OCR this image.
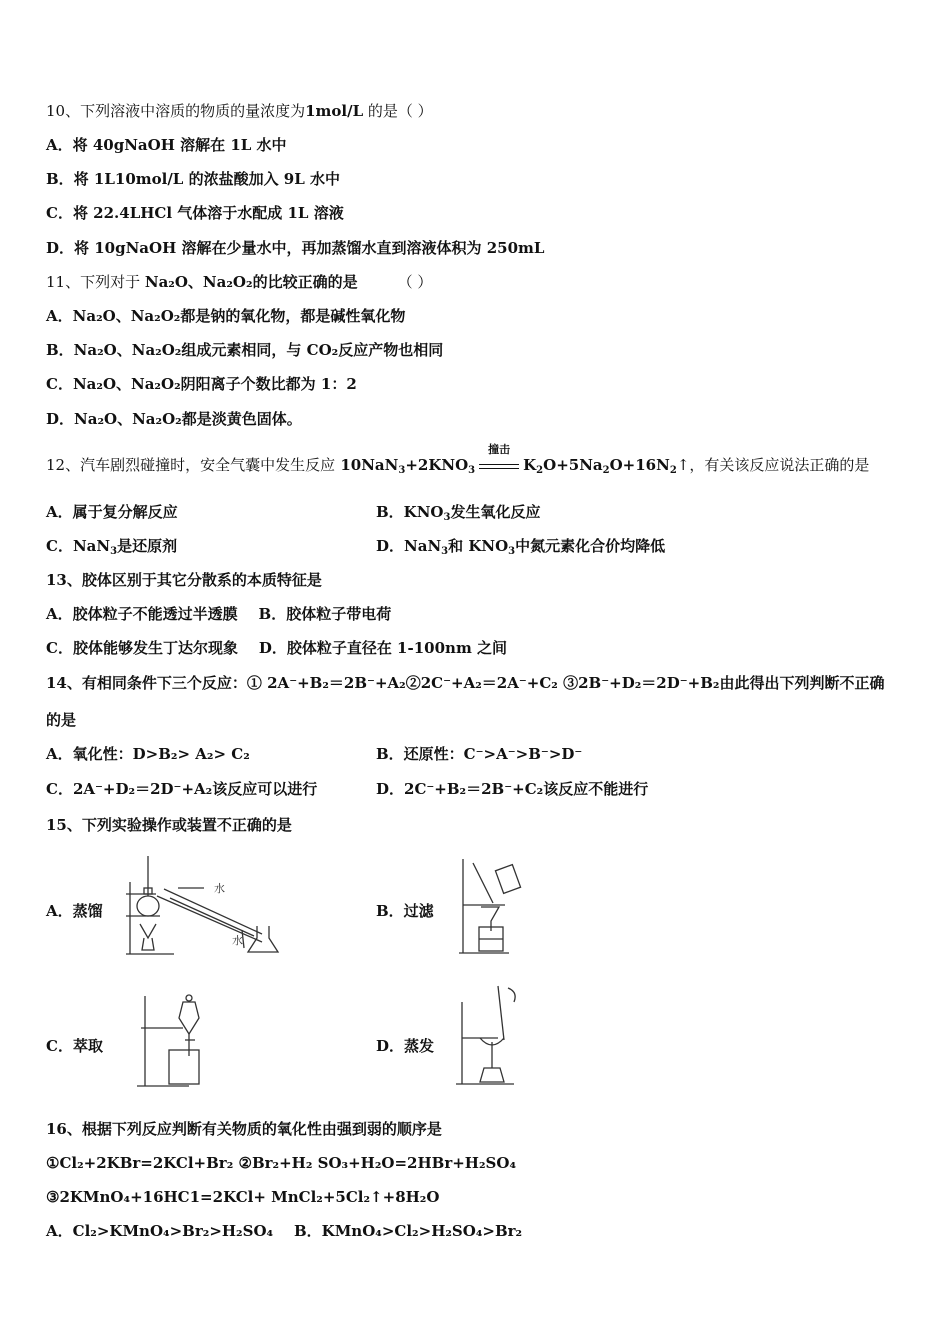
10、下列溶液中溶质的物质的量浓度为1mol/L 的是（ ）
A．将 40gNaOH 溶解在 1L 水中
B．将 1L10mol/L 的浓盐酸加入 9L 水中
C．将 22.4LHCl 气体溶于水配成 1L 溶液
D．将 10gNaOH 溶解在少量水中，再加蒸馏水直到溶液体积为 250mL
11、下列对于 Na₂O、Na₂O₂的比较正确的是	（ ）
A．Na₂O、Na₂O₂都是钠的氧化物，都是碱性氧化物
B．Na₂O、Na₂O₂组成元素相同，与 CO₂反应产物也相同
C．Na₂O、Na₂O₂阴阳离子个数比都为 1：2
D．Na₂O、Na₂O₂都是淡黄色固体。
12、汽车剧烈碰撞时，安全气囊中发生反应 $10NaN_3+2KNO_3$
撞击
$K_2O+5Na_2O+16N_2↑$，有关该反应说法正确的是
A．属于复分解反应	B．$KNO_3$发生氧化反应
C．NaN$_3$是还原剂	D．NaN$_3$和 $KNO_3$中氮元素化合价均降低
13、胶体区别于其它分散系的本质特征是
A．胶体粒子不能透过半透膜    B．胶体粒子带电荷
C．胶体能够发生丁达尔现象    D．胶体粒子直径在 1-100nm 之间
14、有相同条件下三个反应：① 2A⁻+B₂＝2B⁻+A₂②2C⁻+A₂＝2A⁻+C₂ ③2B⁻+D₂＝2D⁻+B₂由此得出下列判断不正确
的是
A．氧化性：D>B₂> A₂> C₂	B．还原性：C⁻>A⁻>B⁻>D⁻
C．2A⁻+D₂＝2D⁻+A₂该反应可以进行	D．2C⁻+B₂＝2B⁻+C₂该反应不能进行
15、下列实验操作或装置不正确的是
A．蒸馏
水
水
B．过滤
C．萃取	D．蒸发
16、根据下列反应判断有关物质的氧化性由强到弱的顺序是
①Cl₂+2KBr=2KCl+Br₂ ②Br₂+H₂ SO₃+H₂O=2HBr+H₂SO₄
③2KMnO₄+16HC1=2KCl+ MnCl₂+5Cl₂↑+8H₂O
A．Cl₂>KMnO₄>Br₂>H₂SO₄    B．KMnO₄>Cl₂>H₂SO₄>Br₂
